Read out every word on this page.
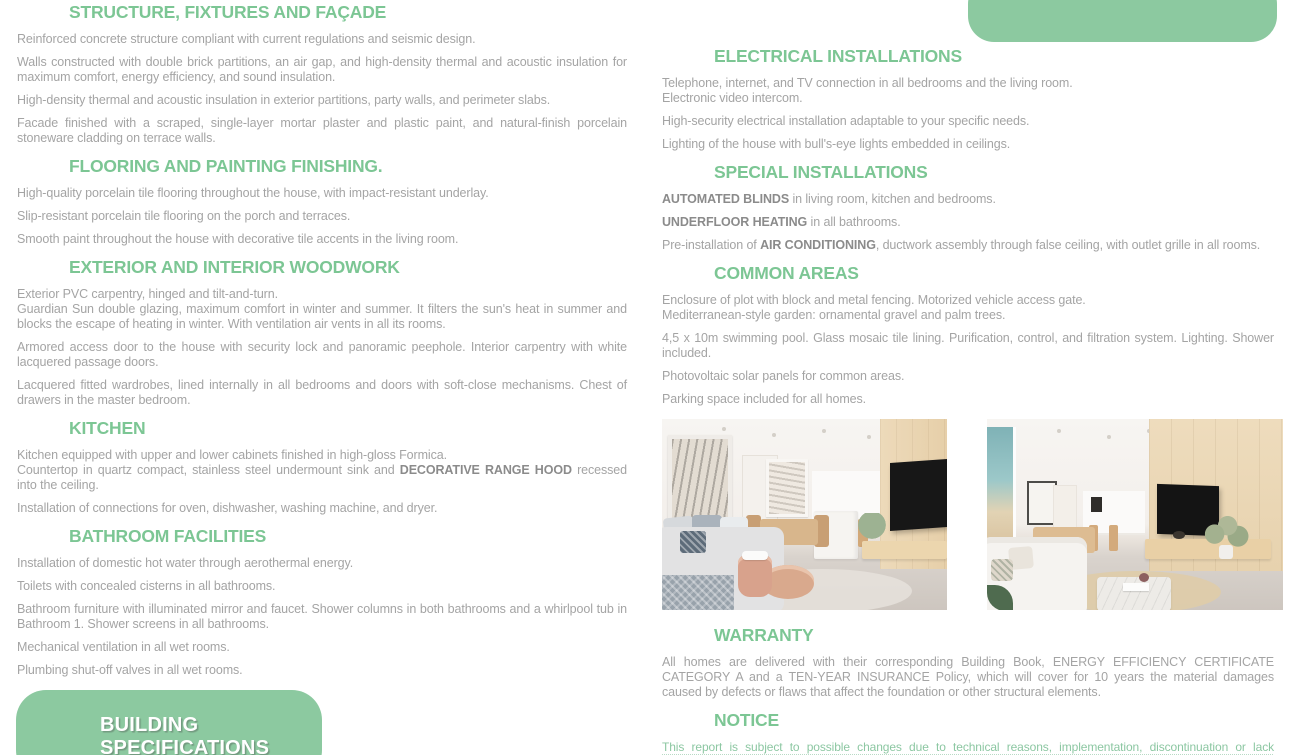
STRUCTURE, FIXTURES AND FAÇADE

Reinforced concrete structure compliant with current regulations and seismic design.

Walls constructed with double brick partitions, an air gap, and high-density thermal and acoustic insulation for maximum comfort, energy efficiency, and sound insulation.

High-density thermal and acoustic insulation in exterior partitions, party walls, and perimeter slabs.

Facade finished with a scraped, single-layer mortar plaster and plastic paint, and natural-finish porcelain stoneware cladding on terrace walls.

FLOORING AND PAINTING FINISHING.

High-quality porcelain tile flooring throughout the house, with impact-resistant underlay.

Slip-resistant porcelain tile flooring on the porch and terraces.

Smooth paint throughout the house with decorative tile accents in the living room.

EXTERIOR AND INTERIOR WOODWORK

Exterior PVC carpentry, hinged and tilt-and-turn.
Guardian Sun double glazing, maximum comfort in winter and summer. It filters the sun's heat in summer and blocks the escape of heating in winter. With ventilation air vents in all its rooms.

Armored access door to the house with security lock and panoramic peephole. Interior carpentry with white lacquered passage doors.

Lacquered fitted wardrobes, lined internally in all bedrooms and doors with soft-close mechanisms. Chest of drawers in the master bedroom.

KITCHEN

Kitchen equipped with upper and lower cabinets finished in high-gloss Formica.
Countertop in quartz compact, stainless steel undermount sink and DECORATIVE RANGE HOOD recessed into the ceiling.

Installation of connections for oven, dishwasher, washing machine, and dryer.

BATHROOM FACILITIES

Installation of domestic hot water through aerothermal energy.

Toilets with concealed cisterns in all bathrooms.

Bathroom furniture with illuminated mirror and faucet. Shower columns in both bathrooms and a whirlpool tub in Bathroom 1. Shower screens in all bathrooms.

Mechanical ventilation in all wet rooms.

Plumbing shut-off valves in all wet rooms.

BUILDING
SPECIFICATIONS
ELECTRICAL INSTALLATIONS

Telephone, internet, and TV connection in all bedrooms and the living room.
Electronic video intercom.

High-security electrical installation adaptable to your specific needs.

Lighting of the house with bull's-eye lights embedded in ceilings.

SPECIAL INSTALLATIONS

AUTOMATED BLINDS in living room, kitchen and bedrooms.

UNDERFLOOR HEATING in all bathrooms.

Pre-installation of AIR CONDITIONING, ductwork assembly through false ceiling, with outlet grille in all rooms.

COMMON AREAS

Enclosure of plot with block and metal fencing. Motorized vehicle access gate.
Mediterranean-style garden: ornamental gravel and palm trees.

4,5 x 10m swimming pool. Glass mosaic tile lining. Purification, control, and filtration system. Lighting. Shower included.

Photovoltaic solar panels for common areas.

Parking space included for all homes.

WARRANTY

All homes are delivered with their corresponding Building Book, ENERGY EFFICIENCY CERTIFICATE CATEGORY A and a TEN-YEAR INSURANCE Policy, which will cover for 10 years the material damages caused by defects or flaws that affect the foundation or other structural elements.

NOTICE

This report is subject to possible changes due to technical reasons, implementation, discontinuation or lack
